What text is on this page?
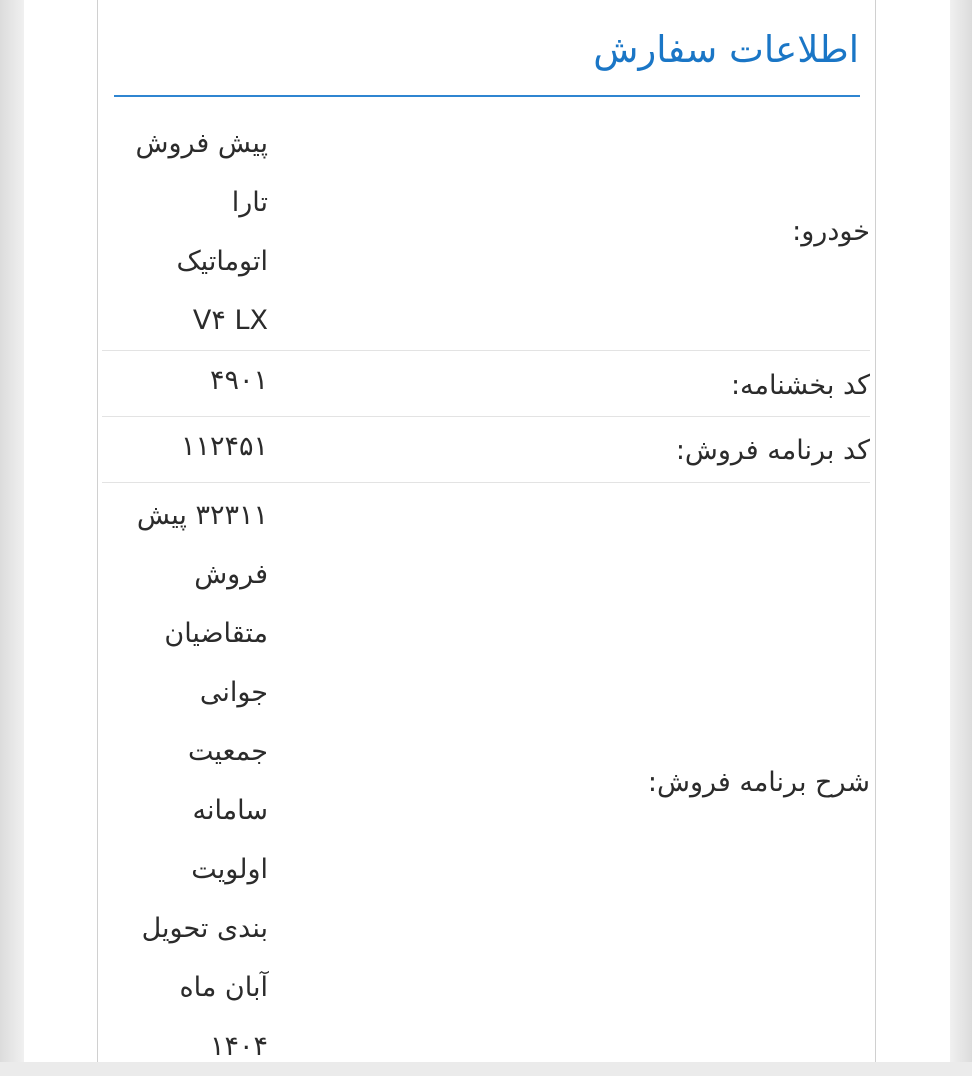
اطلاعات سفارش
خودرو:
پیش فروش
تارا
اتوماتیک
V۴ LX
کد بخشنامه:
۴۹۰۱
کد برنامه فروش:
۱۱۲۴۵۱
شرح برنامه فروش:
۳۲۳۱۱ پیش
فروش
متقاضیان
جوانی
جمعیت
سامانه
اولویت
بندی تحویل
آبان ماه
۱۴۰۴
